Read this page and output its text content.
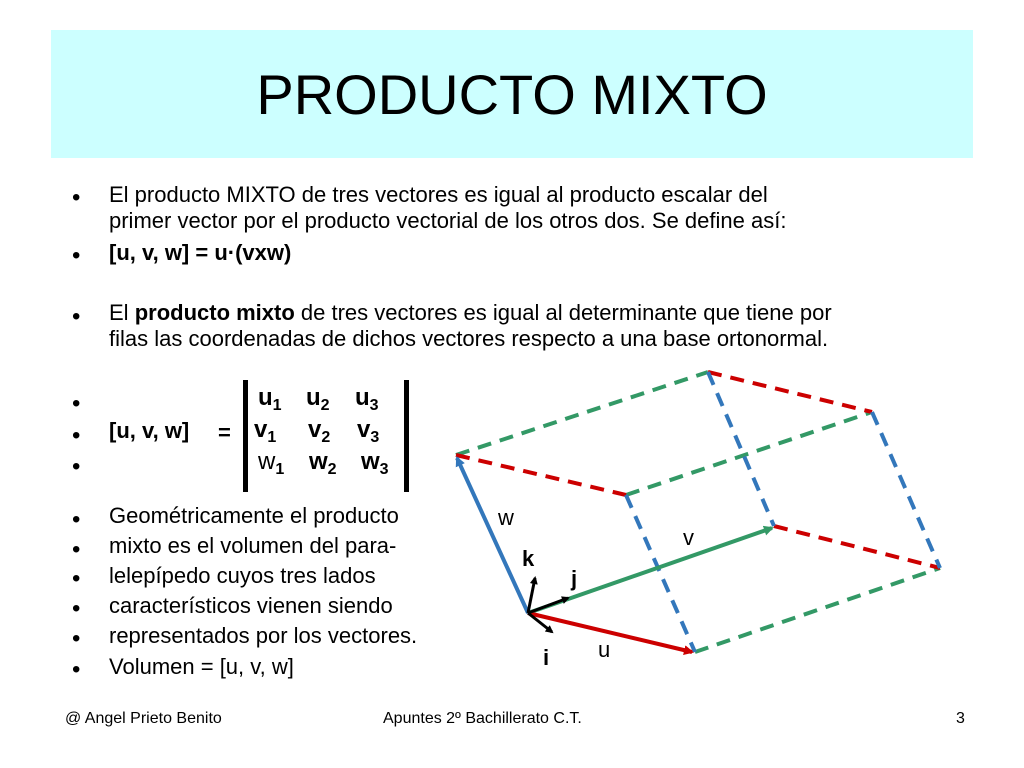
PRODUCTO MIXTO
• El producto MIXTO de tres vectores es igual al producto escalar del
primer vector por el producto vectorial de los otros dos. Se define así:
• [u, v, w] = u·(vxw)
• El producto mixto de tres vectores es igual al determinante que tiene por
filas las coordenadas de dichos vectores respecto a una base ortonormal.
•
•
•
[u, v, w] =
$u_1$ $u_2$ $u_3$
$v_1$ $v_2$ $v_3$
$w_1$ $w_2$ $w_3$
• Geométricamente el producto
• mixto es el volumen del para-
• lelepípedo cuyos tres lados
• característicos vienen siendo
• representados por los vectores.
• Volumen = [u, v, w]
w
v
u
k
j
i
@ Angel Prieto Benito	Apuntes 2º Bachillerato C.T.	3
